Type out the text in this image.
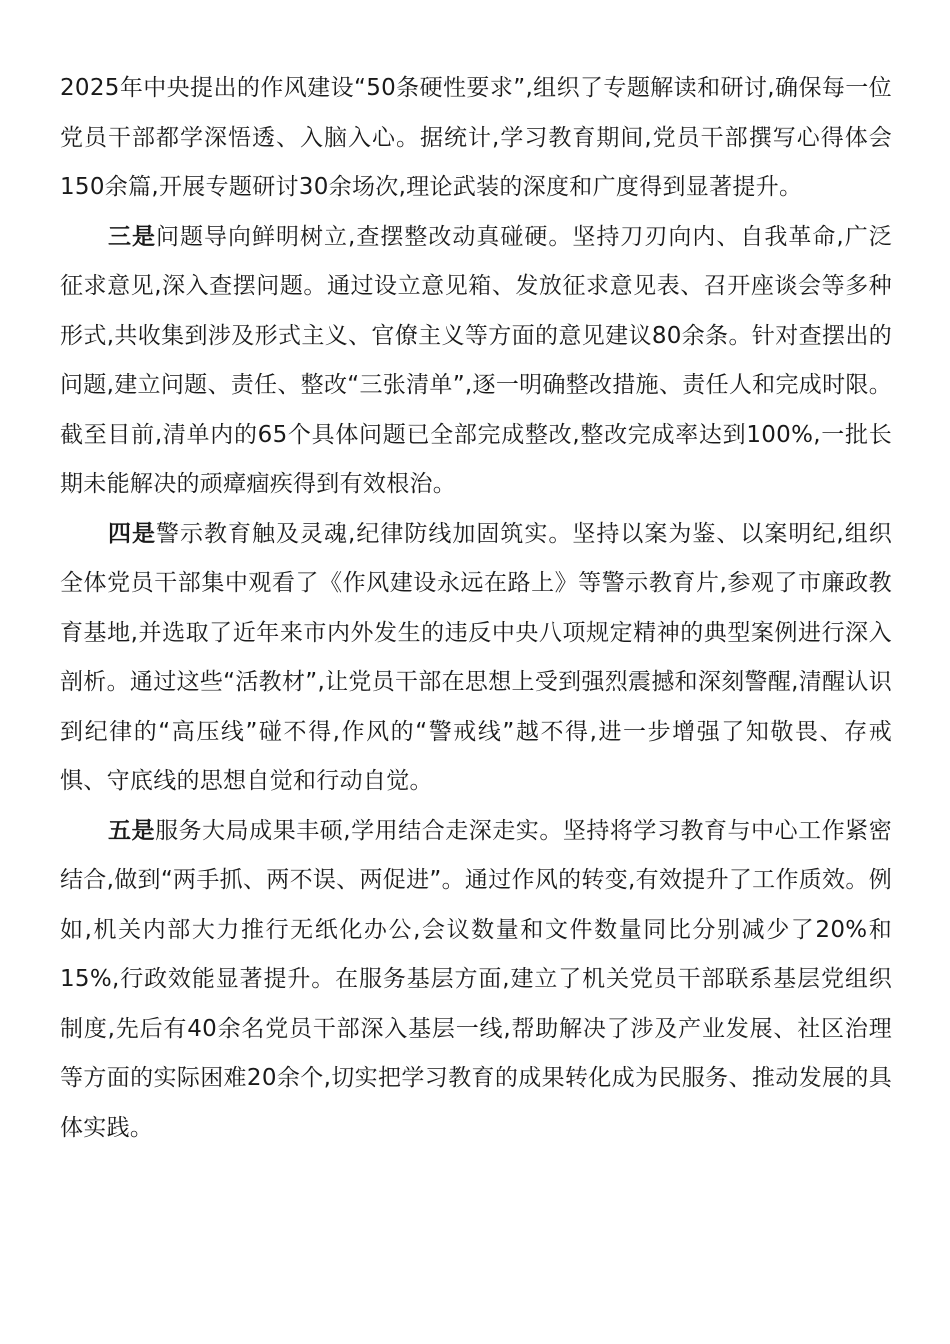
2025年中央提出的作风建设“50条硬性要求”,组织了专题解读和研讨,确保每一位党员干部都学深悟透、入脑入心。据统计,学习教育期间,党员干部撰写心得体会150余篇,开展专题研讨30余场次,理论武装的深度和广度得到显著提升。

三是问题导向鲜明树立,查摆整改动真碰硬。坚持刀刃向内、自我革命,广泛征求意见,深入查摆问题。通过设立意见箱、发放征求意见表、召开座谈会等多种形式,共收集到涉及形式主义、官僚主义等方面的意见建议80余条。针对查摆出的问题,建立问题、责任、整改“三张清单”,逐一明确整改措施、责任人和完成时限。截至目前,清单内的65个具体问题已全部完成整改,整改完成率达到100%,一批长期未能解决的顽瘴痼疾得到有效根治。

四是警示教育触及灵魂,纪律防线加固筑实。坚持以案为鉴、以案明纪,组织全体党员干部集中观看了《作风建设永远在路上》等警示教育片,参观了市廉政教育基地,并选取了近年来市内外发生的违反中央八项规定精神的典型案例进行深入剖析。通过这些“活教材”,让党员干部在思想上受到强烈震撼和深刻警醒,清醒认识到纪律的“高压线”碰不得,作风的“警戒线”越不得,进一步增强了知敬畏、存戒惧、守底线的思想自觉和行动自觉。

五是服务大局成果丰硕,学用结合走深走实。坚持将学习教育与中心工作紧密结合,做到“两手抓、两不误、两促进”。通过作风的转变,有效提升了工作质效。例如,机关内部大力推行无纸化办公,会议数量和文件数量同比分别减少了20%和15%,行政效能显著提升。在服务基层方面,建立了机关党员干部联系基层党组织制度,先后有40余名党员干部深入基层一线,帮助解决了涉及产业发展、社区治理等方面的实际困难20余个,切实把学习教育的成果转化成为民服务、推动发展的具体实践。
